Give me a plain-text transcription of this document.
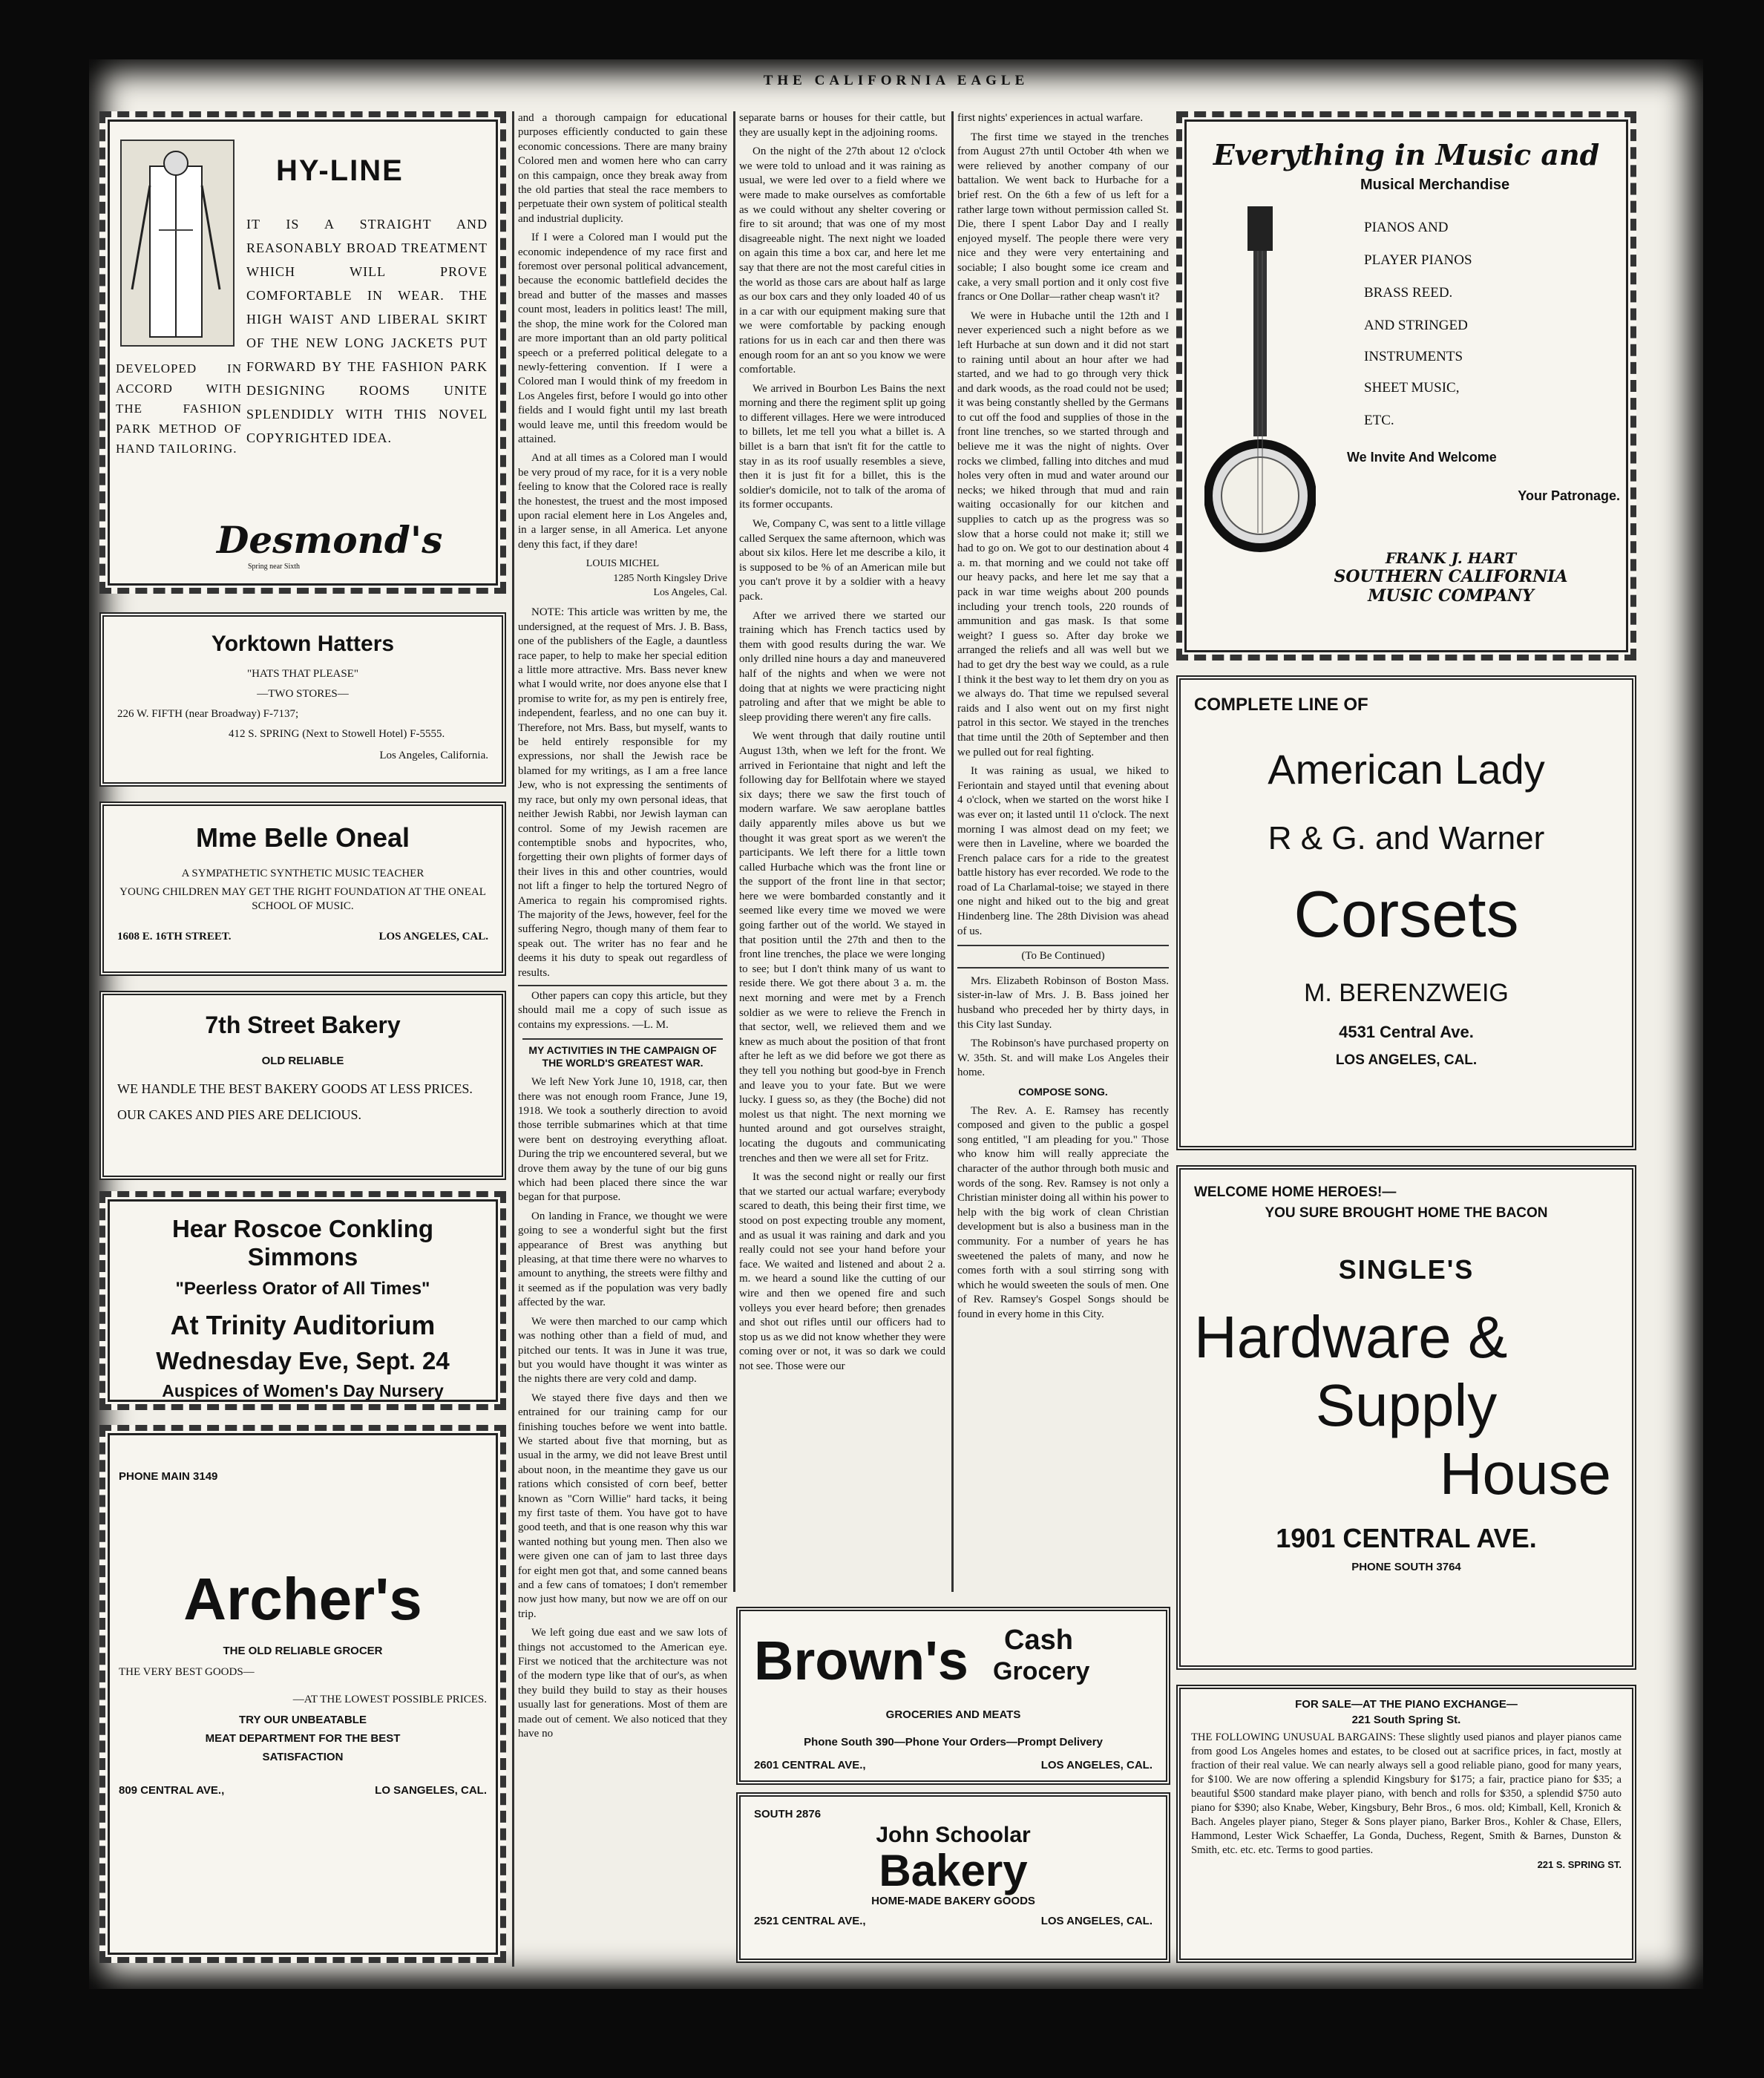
THE CALIFORNIA EAGLE
HY-LINE
IT IS A STRAIGHT AND REASONABLY BROAD TREATMENT WHICH WILL PROVE COMFORTABLE IN WEAR. THE HIGH WAIST AND LIBERAL SKIRT OF THE NEW LONG JACKETS PUT FORWARD BY THE FASHION PARK DESIGNING ROOMS UNITE SPLENDIDLY WITH THIS NOVEL COPYRIGHTED IDEA.
DEVELOPED IN ACCORD WITH THE FASHION PARK METHOD OF HAND TAILORING.
Desmond's
Spring near Sixth
Yorktown Hatters
"HATS THAT PLEASE"
—TWO STORES—
226 W. FIFTH (near Broadway) F-7137;
412 S. SPRING (Next to Stowell Hotel) F-5555.
Los Angeles, California.
Mme Belle Oneal
A SYMPATHETIC SYNTHETIC MUSIC TEACHER
YOUNG CHILDREN MAY GET THE RIGHT FOUNDATION AT THE ONEAL SCHOOL OF MUSIC.
1608 E. 16TH STREET.	LOS ANGELES, CAL.
7th Street Bakery
OLD RELIABLE
WE HANDLE THE BEST BAKERY GOODS AT LESS PRICES.
OUR CAKES AND PIES ARE DELICIOUS.
Hear Roscoe Conkling Simmons
"Peerless Orator of All Times"
At Trinity Auditorium
Wednesday Eve, Sept. 24
Auspices of Women's Day Nursery
PHONE MAIN 3149
Archer's
THE OLD RELIABLE GROCER
THE VERY BEST GOODS—
—AT THE LOWEST POSSIBLE PRICES.
TRY OUR UNBEATABLE
MEAT DEPARTMENT FOR THE BEST
SATISFACTION
809 CENTRAL AVE.,	LO SANGELES, CAL.

and a thorough campaign for educational purposes efficiently conducted to gain these economic concessions. There are many brainy Colored men and women here who can carry on this campaign, once they break away from the old parties that steal the race members to perpetuate their own system of political stealth and industrial duplicity.

If I were a Colored man I would put the economic independence of my race first and foremost over personal political advancement, because the economic battlefield decides the bread and butter of the masses and masses count most, leaders in politics least! The mill, the shop, the mine work for the Colored man are more important than an old party political speech or a preferred political delegate to a newly-fettering convention. If I were a Colored man I would think of my freedom in Los Angeles first, before I would go into other fields and I would fight until my last breath would leave me, until this freedom would be attained.

And at all times as a Colored man I would be very proud of my race, for it is a very noble feeling to know that the Colored race is really the honestest, the truest and the most imposed upon racial element here in Los Angeles and, in a larger sense, in all America. Let anyone deny this fact, if they dare!

LOUIS MICHEL
1285 North Kingsley Drive
Los Angeles, Cal.

NOTE: This article was written by me, the undersigned, at the request of Mrs. J. B. Bass, one of the publishers of the Eagle, a dauntless race paper, to help to make her special edition a little more attractive. Mrs. Bass never knew what I would write, nor does anyone else that I promise to write for, as my pen is entirely free, independent, fearless, and no one can buy it. Therefore, not Mrs. Bass, but myself, wants to be held entirely responsible for my expressions, nor shall the Jewish race be blamed for my writings, as I am a free lance Jew, who is not expressing the sentiments of my race, but only my own personal ideas, that neither Jewish Rabbi, nor Jewish layman can control. Some of my Jewish racemen are contemptible snobs and hypocrites, who, forgetting their own plights of former days of their lives in this and other countries, would not lift a finger to help the tortured Negro of America to regain his compromised rights. The majority of the Jews, however, feel for the suffering Negro, though many of them fear to speak out. The writer has no fear and he deems it his duty to speak out regardless of results.

Other papers can copy this article, but they should mail me a copy of such issue as contains my expressions. —L. M.

MY ACTIVITIES IN THE CAMPAIGN OF THE WORLD'S GREATEST WAR.

We left New York June 10, 1918, car, then there was not enough room France, June 19, 1918. We took a southerly direction to avoid those terrible submarines which at that time were bent on destroying everything afloat. During the trip we encountered several, but we drove them away by the tune of our big guns which had been placed there since the war began for that purpose.

On landing in France, we thought we were going to see a wonderful sight but the first appearance of Brest was anything but pleasing, at that time there were no wharves to amount to anything, the streets were filthy and it seemed as if the population was very badly affected by the war.

We were then marched to our camp which was nothing other than a field of mud, and pitched our tents. It was in June it was true, but you would have thought it was winter as the nights there are very cold and damp.

We stayed there five days and then we entrained for our training camp for our finishing touches before we went into battle. We started about five that morning, but as usual in the army, we did not leave Brest until about noon, in the meantime they gave us our rations which consisted of corn beef, better known as "Corn Willie" hard tacks, it being my first taste of them. You have got to have good teeth, and that is one reason why this war wanted nothing but young men. Then also we were given one can of jam to last three days for eight men got that, and some canned beans and a few cans of tomatoes; I don't remember now just how many, but now we are off on our trip.

We left going due east and we saw lots of things not accustomed to the American eye. First we noticed that the architecture was not of the modern type like that of our's, as when they build they build to stay as their houses usually last for generations. Most of them are made out of cement. We also noticed that they have no

separate barns or houses for their cattle, but they are usually kept in the adjoining rooms.

On the night of the 27th about 12 o'clock we were told to unload and it was raining as usual, we were led over to a field where we were made to make ourselves as comfortable as we could without any shelter covering or fire to sit around; that was one of my most disagreeable night. The next night we loaded on again this time a box car, and here let me say that there are not the most careful cities in the world as those cars are about half as large as our box cars and they only loaded 40 of us in a car with our equipment making sure that we were comfortable by packing enough rations for us in each car and then there was enough room for an ant so you know we were comfortable.

We arrived in Bourbon Les Bains the next morning and there the regiment split up going to different villages. Here we were introduced to billets, let me tell you what a billet is. A billet is a barn that isn't fit for the cattle to stay in as its roof usually resembles a sieve, then it is just fit for a billet, this is the soldier's domicile, not to talk of the aroma of its former occupants.

We, Company C, was sent to a little village called Serquex the same afternoon, which was about six kilos. Here let me describe a kilo, it is supposed to be % of an American mile but you can't prove it by a soldier with a heavy pack.

After we arrived there we started our training which has French tactics used by them with good results during the war. We only drilled nine hours a day and maneuvered half of the nights and when we were not doing that at nights we were practicing night patroling and after that we might be able to sleep providing there weren't any fire calls.

We went through that daily routine until August 13th, when we left for the front. We arrived in Feriontaine that night and left the following day for Bellfotain where we stayed six days; there we saw the first touch of modern warfare. We saw aeroplane battles daily apparently miles above us but we thought it was great sport as we weren't the participants. We left there for a little town called Hurbache which was the front line or the support of the front line in that sector; here we were bombarded constantly and it seemed like every time we moved we were going farther out of the world. We stayed in that position until the 27th and then to the front line trenches, the place we were longing to see; but I don't think many of us want to reside there. We got there about 3 a. m. the next morning and were met by a French soldier as we were to relieve the French in that sector, well, we relieved them and we knew as much about the position of that front after he left as we did before we got there as they tell you nothing but good-bye in French and leave you to your fate. But we were lucky. I guess so, as they (the Boche) did not molest us that night. The next morning we hunted around and got ourselves straight, locating the dugouts and communicating trenches and then we were all set for Fritz.

It was the second night or really our first that we started our actual warfare; everybody scared to death, this being their first time, we stood on post expecting trouble any moment, and as usual it was raining and dark and you really could not see your hand before your face. We waited and listened and about 2 a. m. we heard a sound like the cutting of our wire and then we opened fire and such volleys you ever heard before; then grenades and shot out rifles until our officers had to stop us as we did not know whether they were coming over or not, it was so dark we could not see. Those were our

first nights' experiences in actual warfare.

The first time we stayed in the trenches from August 27th until October 4th when we were relieved by another company of our battalion. We went back to Hurbache for a brief rest. On the 6th a few of us left for a rather large town without permission called St. Die, there I spent Labor Day and I really enjoyed myself. The people there were very nice and they were very entertaining and sociable; I also bought some ice cream and cake, a very small portion and it only cost five francs or One Dollar—rather cheap wasn't it?

We were in Hubache until the 12th and I never experienced such a night before as we left Hurbache at sun down and it did not start to raining until about an hour after we had started, and we had to go through very thick and dark woods, as the road could not be used; it was being constantly shelled by the Germans to cut off the food and supplies of those in the front line trenches, so we started through and believe me it was the night of nights. Over rocks we climbed, falling into ditches and mud holes very often in mud and water around our necks; we hiked through that mud and rain waiting occasionally for our kitchen and supplies to catch up as the progress was so slow that a horse could not make it; still we had to go on. We got to our destination about 4 a. m. that morning and we could not take off our heavy packs, and here let me say that a pack in war time weighs about 200 pounds including your trench tools, 220 rounds of ammunition and gas mask. Is that some weight? I guess so. After day broke we arranged the reliefs and all was well but we had to get dry the best way we could, as a rule I think it the best way to let them dry on you as we always do. That time we repulsed several raids and I also went out on my first night patrol in this sector. We stayed in the trenches that time until the 20th of September and then we pulled out for real fighting.

It was raining as usual, we hiked to Feriontain and stayed until that evening about 4 o'clock, when we started on the worst hike I was ever on; it lasted until 11 o'clock. The next morning I was almost dead on my feet; we were then in Laveline, where we boarded the French palace cars for a ride to the greatest battle history has ever recorded. We rode to the road of La Charlamal-toise; we stayed in there one night and hiked out to the big and great Hindenberg line. The 28th Division was ahead of us.

(To Be Continued)

Mrs. Elizabeth Robinson of Boston Mass. sister-in-law of Mrs. J. B. Bass joined her husband who preceded her by thirty days, in this City last Sunday.

The Robinson's have purchased property on W. 35th. St. and will make Los Angeles their home.

COMPOSE SONG.

The Rev. A. E. Ramsey has recently composed and given to the public a gospel song entitled, "I am pleading for you." Those who know him will really appreciate the character of the author through both music and words of the song. Rev. Ramsey is not only a Christian minister doing all within his power to help with the big work of clean Christian development but is also a business man in the community. For a number of years he has sweetened the palets of many, and now he comes forth with a soul stirring song with which he would sweeten the souls of men. One of Rev. Ramsey's Gospel Songs should be found in every home in this City.

Brown's Cash
Grocery
GROCERIES AND MEATS
Phone South 390—Phone Your Orders—Prompt Delivery
2601 CENTRAL AVE.,	LOS ANGELES, CAL.
SOUTH 2876
John Schoolar
Bakery
HOME-MADE BAKERY GOODS
2521 CENTRAL AVE.,	LOS ANGELES, CAL.
Everything in Music and
Musical Merchandise
PIANOS AND
PLAYER PIANOS
BRASS REED.
AND STRINGED
INSTRUMENTS
SHEET MUSIC,
ETC.
We Invite And Welcome
Your Patronage.
FRANK J. HART
SOUTHERN CALIFORNIA
MUSIC COMPANY
COMPLETE LINE OF
American Lady
R & G. and Warner
Corsets
M. BERENZWEIG
4531 Central Ave.
LOS ANGELES, CAL.
WELCOME HOME HEROES!—
YOU SURE BROUGHT HOME THE BACON
SINGLE'S
Hardware &
Supply
House
1901 CENTRAL AVE.
PHONE SOUTH 3764
FOR SALE—AT THE PIANO EXCHANGE—
221 South Spring St.
THE FOLLOWING UNUSUAL BARGAINS: These slightly used pianos and player pianos came from good Los Angeles homes and estates, to be closed out at sacrifice prices, in fact, mostly at fraction of their real value. We can nearly always sell a good reliable piano, good for many years, for $100. We are now offering a splendid Kingsbury for $175; a fair, practice piano for $35; a beautiful $500 standard make player piano, with bench and rolls for $350, a splendid $750 auto piano for $390; also Knabe, Weber, Kingsbury, Behr Bros., 6 mos. old; Kimball, Kell, Kronich & Bach. Angeles player piano, Steger & Sons player piano, Barker Bros., Kohler & Chase, Ellers, Hammond, Lester Wick Schaeffer, La Gonda, Duchess, Regent, Smith & Barnes, Dunston & Smith, etc. etc. etc. Terms to good parties.
221 S. SPRING ST.
